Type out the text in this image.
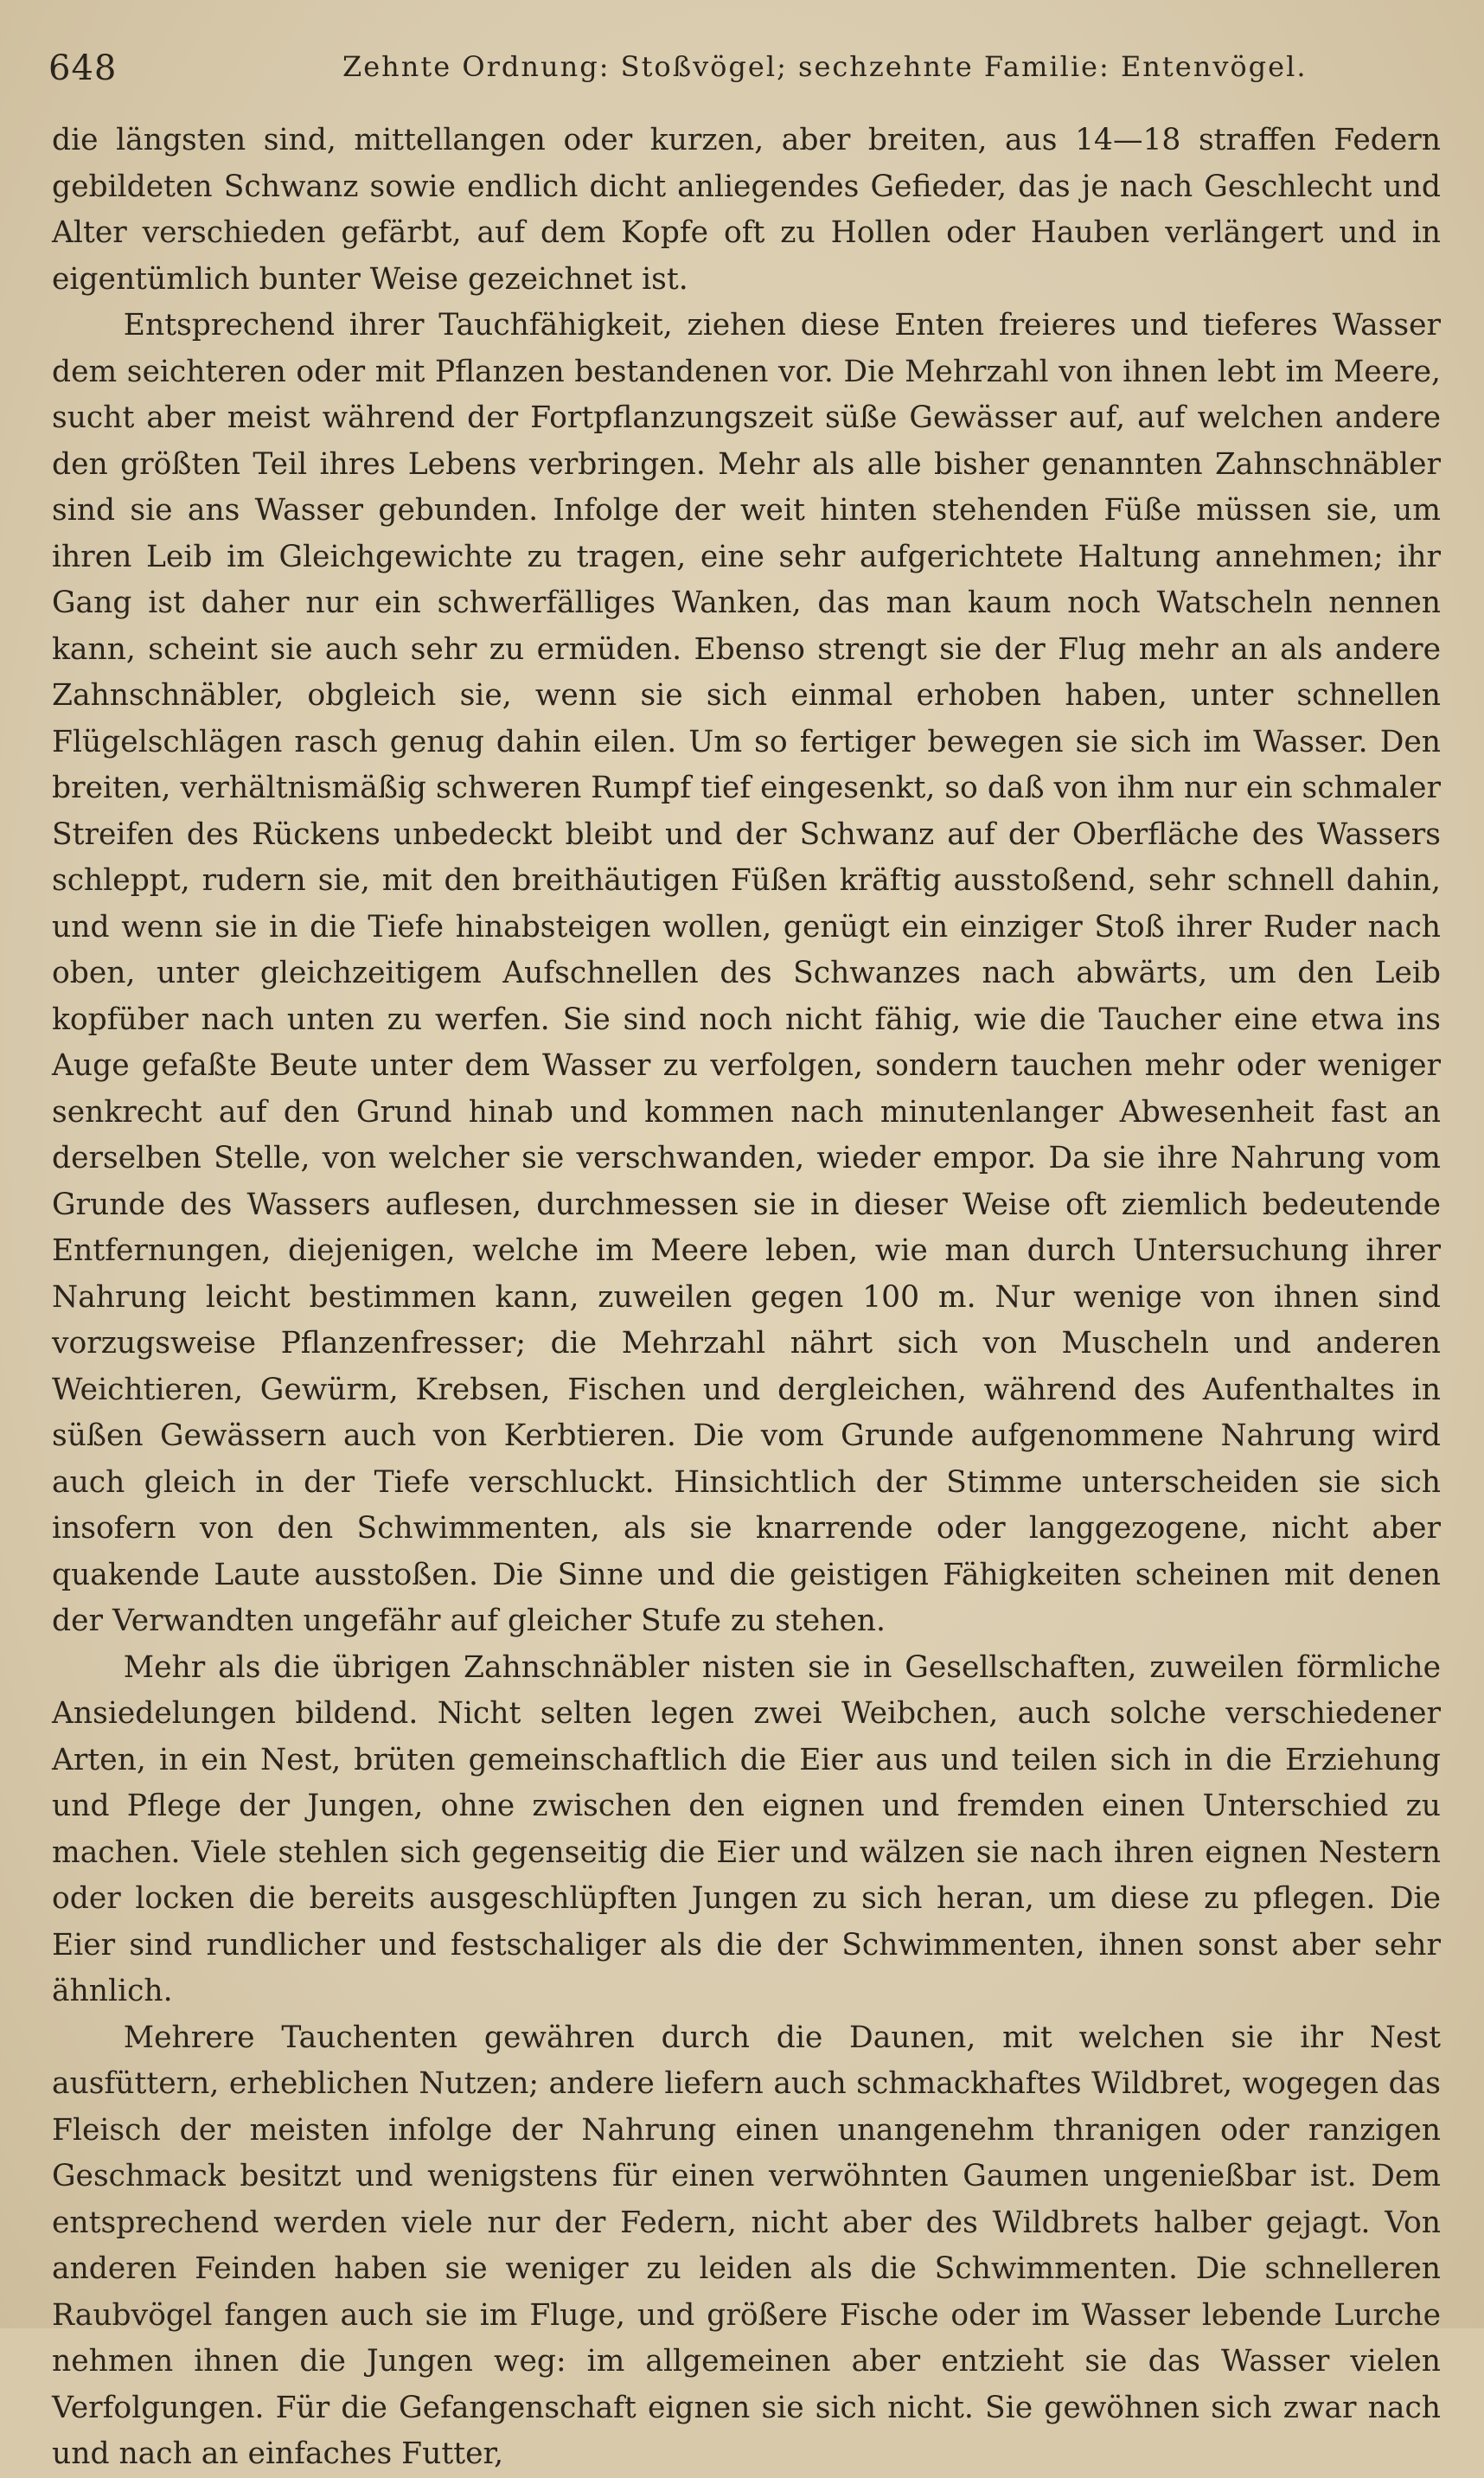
648	Zehnte Ordnung: Stoßvögel; sechzehnte Familie: Entenvögel.

die längsten sind, mittellangen oder kurzen, aber breiten, aus 14—18 straffen Federn gebildeten Schwanz sowie endlich dicht anliegendes Gefieder, das je nach Geschlecht und Alter verschieden gefärbt, auf dem Kopfe oft zu Hollen oder Hauben verlängert und in eigentümlich bunter Weise gezeichnet ist.

Entsprechend ihrer Tauchfähigkeit, ziehen diese Enten freieres und tieferes Wasser dem seichteren oder mit Pflanzen bestandenen vor. Die Mehrzahl von ihnen lebt im Meere, sucht aber meist während der Fortpflanzungszeit süße Gewässer auf, auf welchen andere den größten Teil ihres Lebens verbringen. Mehr als alle bisher genannten Zahnschnäbler sind sie ans Wasser gebunden. Infolge der weit hinten stehenden Füße müssen sie, um ihren Leib im Gleichgewichte zu tragen, eine sehr aufgerichtete Haltung annehmen; ihr Gang ist daher nur ein schwerfälliges Wanken, das man kaum noch Watscheln nennen kann, scheint sie auch sehr zu ermüden. Ebenso strengt sie der Flug mehr an als andere Zahnschnäbler, obgleich sie, wenn sie sich einmal erhoben haben, unter schnellen Flügelschlägen rasch genug dahin eilen. Um so fertiger bewegen sie sich im Wasser. Den breiten, verhältnismäßig schweren Rumpf tief eingesenkt, so daß von ihm nur ein schmaler Streifen des Rückens unbedeckt bleibt und der Schwanz auf der Oberfläche des Wassers schleppt, rudern sie, mit den breithäutigen Füßen kräftig ausstoßend, sehr schnell dahin, und wenn sie in die Tiefe hinabsteigen wollen, genügt ein einziger Stoß ihrer Ruder nach oben, unter gleichzeitigem Aufschnellen des Schwanzes nach abwärts, um den Leib kopfüber nach unten zu werfen. Sie sind noch nicht fähig, wie die Taucher eine etwa ins Auge gefaßte Beute unter dem Wasser zu verfolgen, sondern tauchen mehr oder weniger senkrecht auf den Grund hinab und kommen nach minutenlanger Abwesenheit fast an derselben Stelle, von welcher sie verschwanden, wieder empor. Da sie ihre Nahrung vom Grunde des Wassers auflesen, durchmessen sie in dieser Weise oft ziemlich bedeutende Entfernungen, diejenigen, welche im Meere leben, wie man durch Untersuchung ihrer Nahrung leicht bestimmen kann, zuweilen gegen 100 m. Nur wenige von ihnen sind vorzugsweise Pflanzenfresser; die Mehrzahl nährt sich von Muscheln und anderen Weichtieren, Gewürm, Krebsen, Fischen und dergleichen, während des Aufenthaltes in süßen Gewässern auch von Kerbtieren. Die vom Grunde aufgenommene Nahrung wird auch gleich in der Tiefe verschluckt. Hinsichtlich der Stimme unterscheiden sie sich insofern von den Schwimmenten, als sie knarrende oder langgezogene, nicht aber quakende Laute ausstoßen. Die Sinne und die geistigen Fähigkeiten scheinen mit denen der Verwandten ungefähr auf gleicher Stufe zu stehen.

Mehr als die übrigen Zahnschnäbler nisten sie in Gesellschaften, zuweilen förmliche Ansiedelungen bildend. Nicht selten legen zwei Weibchen, auch solche verschiedener Arten, in ein Nest, brüten gemeinschaftlich die Eier aus und teilen sich in die Erziehung und Pflege der Jungen, ohne zwischen den eignen und fremden einen Unterschied zu machen. Viele stehlen sich gegenseitig die Eier und wälzen sie nach ihren eignen Nestern oder locken die bereits ausgeschlüpften Jungen zu sich heran, um diese zu pflegen. Die Eier sind rundlicher und festschaliger als die der Schwimmenten, ihnen sonst aber sehr ähnlich.

Mehrere Tauchenten gewähren durch die Daunen, mit welchen sie ihr Nest ausfüttern, erheblichen Nutzen; andere liefern auch schmackhaftes Wildbret, wogegen das Fleisch der meisten infolge der Nahrung einen unangenehm thranigen oder ranzigen Geschmack besitzt und wenigstens für einen verwöhnten Gaumen ungenießbar ist. Dem entsprechend werden viele nur der Federn, nicht aber des Wildbrets halber gejagt. Von anderen Feinden haben sie weniger zu leiden als die Schwimmenten. Die schnelleren Raubvögel fangen auch sie im Fluge, und größere Fische oder im Wasser lebende Lurche nehmen ihnen die Jungen weg: im allgemeinen aber entzieht sie das Wasser vielen Verfolgungen. Für die Gefangenschaft eignen sie sich nicht. Sie gewöhnen sich zwar nach und nach an einfaches Futter,
